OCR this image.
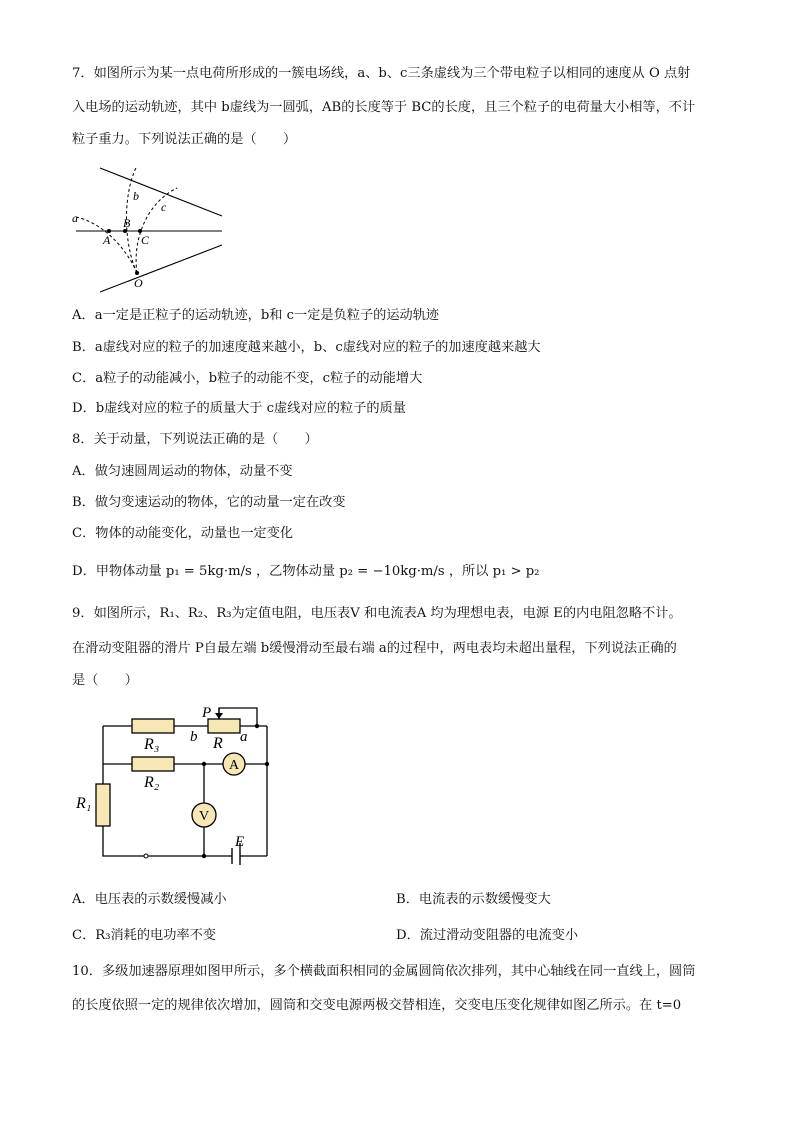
7．如图所示为某一点电荷所形成的一簇电场线，a、b、c三条虚线为三个带电粒子以相同的速度从 O 点射
入电场的运动轨迹，其中 b虚线为一圆弧，AB的长度等于 BC的长度，且三个粒子的电荷量大小相等，不计
粒子重力。下列说法正确的是（　　）
a
b
c
A
B
C
O
A．a一定是正粒子的运动轨迹，b和 c一定是负粒子的运动轨迹
B．a虚线对应的粒子的加速度越来越小，b、c虚线对应的粒子的加速度越来越大
C．a粒子的动能减小，b粒子的动能不变，c粒子的动能增大
D．b虚线对应的粒子的质量大于 c虚线对应的粒子的质量
8．关于动量，下列说法正确的是（　　）
A．做匀速圆周运动的物体，动量不变
B．做匀变速运动的物体，它的动量一定在改变
C．物体的动能变化，动量也一定变化
D．甲物体动量 p₁ = 5kg·m/s ，乙物体动量 p₂ = −10kg·m/s ，所以 p₁ > p₂
9．如图所示，R₁、R₂、R₃为定值电阻，电压表V 和电流表A 均为理想电表，电源 E的内电阻忽略不计。
在滑动变阻器的滑片 P自最左端 b缓慢滑动至最右端 a的过程中，两电表均未超出量程，下列说法正确的
是（　　）
P
R
b	a
R₃
R₂
R₁
A
V
E
A．电压表的示数缓慢减小	B．电流表的示数缓慢变大
C．R₃消耗的电功率不变	D．流过滑动变阻器的电流变小
10．多级加速器原理如图甲所示，多个横截面积相同的金属圆筒依次排列，其中心轴线在同一直线上，圆筒
的长度依照一定的规律依次增加，圆筒和交变电源两极交替相连，交变电压变化规律如图乙所示。在 t=0
